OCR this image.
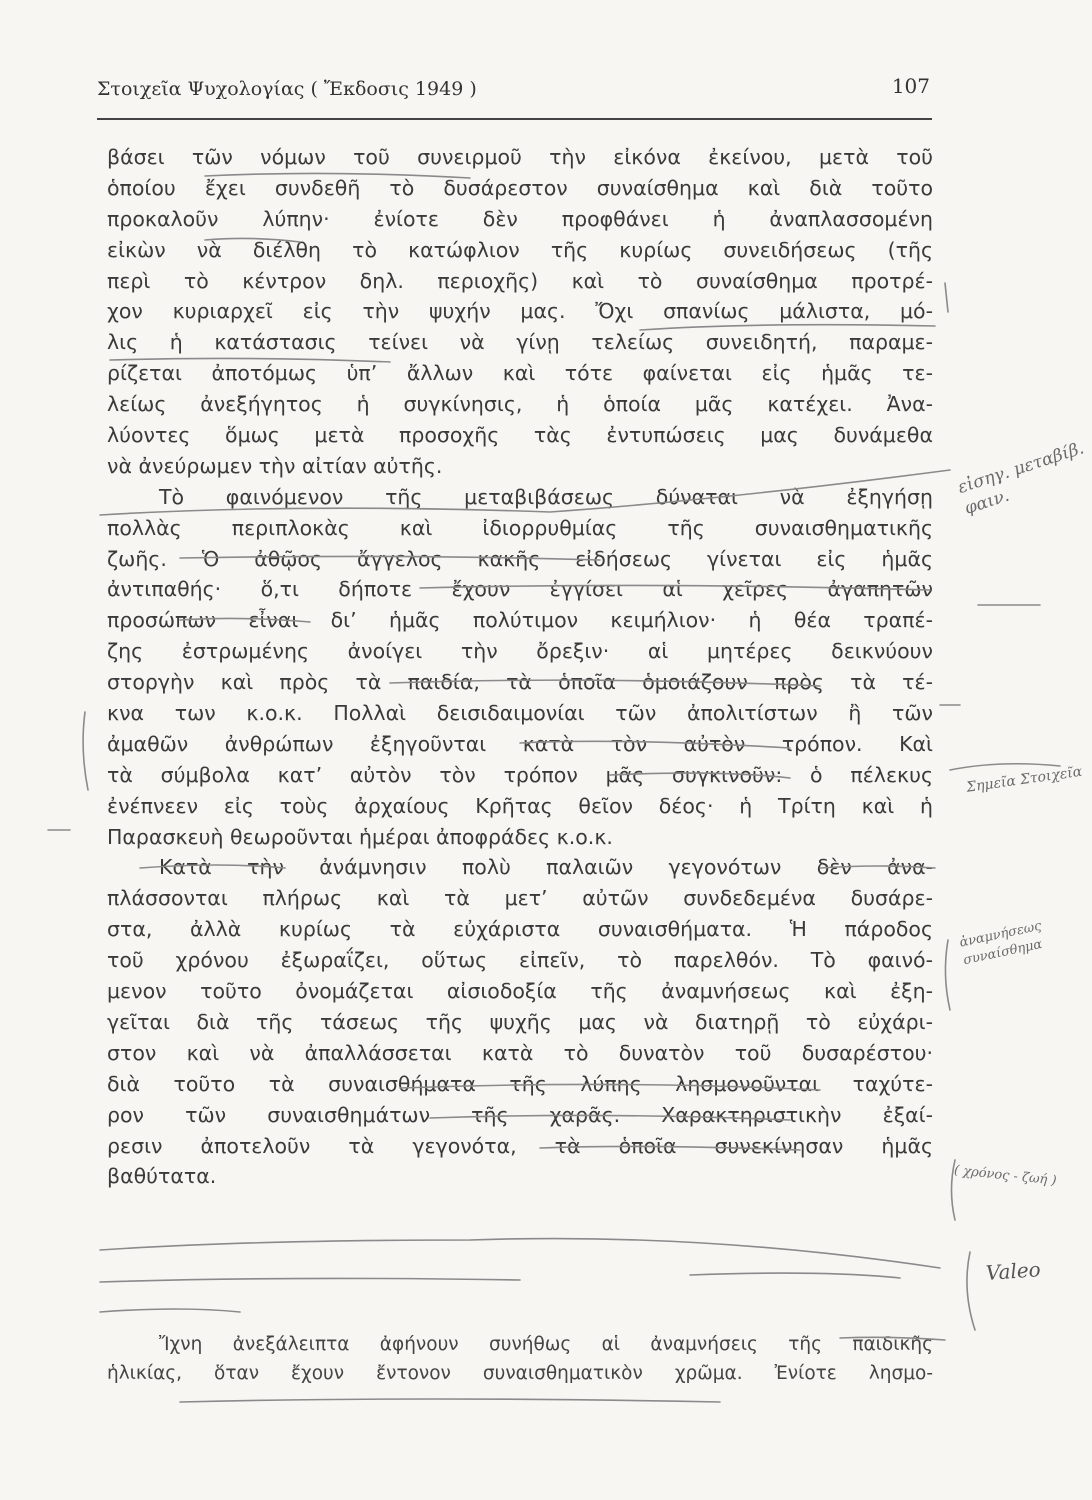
Στοιχεῖα Ψυχολογίας ( Ἔκδοσις 1949 )	107
βάσει τῶν νόμων τοῦ συνειρμοῦ τὴν εἰκόνα ἐκείνου, μετὰ τοῦ
ὁποίου ἔχει συνδεθῆ τὸ δυσάρεστον συναίσθημα καὶ διὰ τοῦτο
προκαλοῦν λύπην· ἐνίοτε δὲν προφθάνει ἡ ἀναπλασσομένη
εἰκὼν νὰ διέλθη τὸ κατώφλιον τῆς κυρίως συνειδήσεως (τῆς
περὶ τὸ κέντρον δηλ. περιοχῆς) καὶ τὸ συναίσθημα προτρέ-
χον κυριαρχεῖ εἰς τὴν ψυχήν μας. Ὄχι σπανίως μάλιστα, μό-
λις ἡ κατάστασις τείνει νὰ γίνῃ τελείως συνειδητή, παραμε-
ρίζεται ἀποτόμως ὑπ’ ἄλλων καὶ τότε φαίνεται εἰς ἡμᾶς τε-
λείως ἀνεξήγητος ἡ συγκίνησις, ἡ ὁποία μᾶς κατέχει. Ἀνα-
λύοντες ὅμως μετὰ προσοχῆς τὰς ἐντυπώσεις μας δυνάμεθα
νὰ ἀνεύρωμεν τὴν αἰτίαν αὐτῆς.
Τὸ φαινόμενον τῆς μεταβιβάσεως δύναται νὰ ἐξηγήσῃ
πολλὰς περιπλοκὰς καὶ ἰδιορρυθμίας τῆς συναισθηματικῆς
ζωῆς. Ὁ ἀθῷος ἄγγελος κακῆς εἰδήσεως γίνεται εἰς ἡμᾶς
ἀντιπαθής· ὅ,τι δήποτε ἔχουν ἐγγίσει αἱ χεῖρες ἀγαπητῶν
προσώπων εἶναι δι’ ἡμᾶς πολύτιμον κειμήλιον· ἡ θέα τραπέ-
ζης ἐστρωμένης ἀνοίγει τὴν ὄρεξιν· αἱ μητέρες δεικνύουν
στοργὴν καὶ πρὸς τὰ παιδία, τὰ ὁποῖα ὁμοιάζουν πρὸς τὰ τέ-
κνα των κ.ο.κ. Πολλαὶ δεισιδαιμονίαι τῶν ἀπολιτίστων ἢ τῶν
ἀμαθῶν ἀνθρώπων ἐξηγοῦνται κατὰ τὸν αὐτὸν τρόπον. Καὶ
τὰ σύμβολα κατ’ αὐτὸν τὸν τρόπον μᾶς συγκινοῦν: ὁ πέλεκυς
ἐνέπνεεν εἰς τοὺς ἀρχαίους Κρῆτας θεῖον δέος· ἡ Τρίτη καὶ ἡ
Παρασκευὴ θεωροῦνται ἡμέραι ἀποφράδες κ.ο.κ.
Κατὰ τὴν ἀνάμνησιν πολὺ παλαιῶν γεγονότων δὲν ἀνα-
πλάσσονται πλήρως καὶ τὰ μετ’ αὐτῶν συνδεδεμένα δυσάρε-
στα, ἀλλὰ κυρίως τὰ εὐχάριστα συναισθήματα. Ἡ πάροδος
τοῦ χρόνου ἐξωραΐζει, οὕτως εἰπεῖν, τὸ παρελθόν. Τὸ φαινό-
μενον τοῦτο ὀνομάζεται αἰσιοδοξία τῆς ἀναμνήσεως καὶ ἐξη-
γεῖται διὰ τῆς τάσεως τῆς ψυχῆς μας νὰ διατηρῇ τὸ εὐχάρι-
στον καὶ νὰ ἀπαλλάσσεται κατὰ τὸ δυνατὸν τοῦ δυσαρέστου·
διὰ τοῦτο τὰ συναισθήματα τῆς λύπης λησμονοῦνται ταχύτε-
ρον τῶν συναισθημάτων τῆς χαρᾶς. Χαρακτηριστικὴν ἐξαί-
ρεσιν ἀποτελοῦν τὰ γεγονότα, τὰ ὁποῖα συνεκίνησαν ἡμᾶς
βαθύτατα.
Ἴχνη ἀνεξάλειπτα ἀφήνουν συνήθως αἱ ἀναμνήσεις τῆς παιδικῆς
ἡλικίας, ὅταν ἔχουν ἔντονον συναισθηματικὸν χρῶμα. Ἐνίοτε λησμο-
εἰσηγ. μεταβίβ. φαιν.
Σημεῖα Στοιχεῖα
ἀναμνήσεως συναίσθημα
( χρόνος - ζωή )
Valeo
